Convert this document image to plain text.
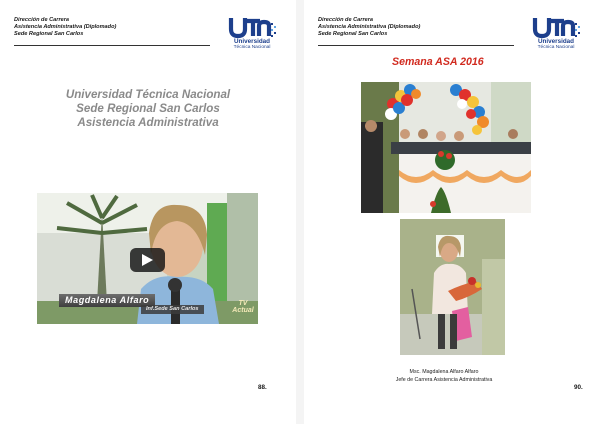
Dirección de Carrera
Asistencia Administrativa (Diplomado)
Sede Regional San Carlos
Universidad
Técnica Nacional
Universidad Técnica Nacional
Sede Regional San Carlos
Asistencia Administrativa
Magdalena Alfaro
Inf.Sede San Carlos
TV
Actual
88.
Dirección de Carrera
Asistencia Administrativa (Diplomado)
Sede Regional San Carlos
Universidad
Técnica Nacional
Semana ASA 2016
Msc. Magdalena Alfaro Alfaro
Jefe de Carrera Asistencia Administrativa
90.
